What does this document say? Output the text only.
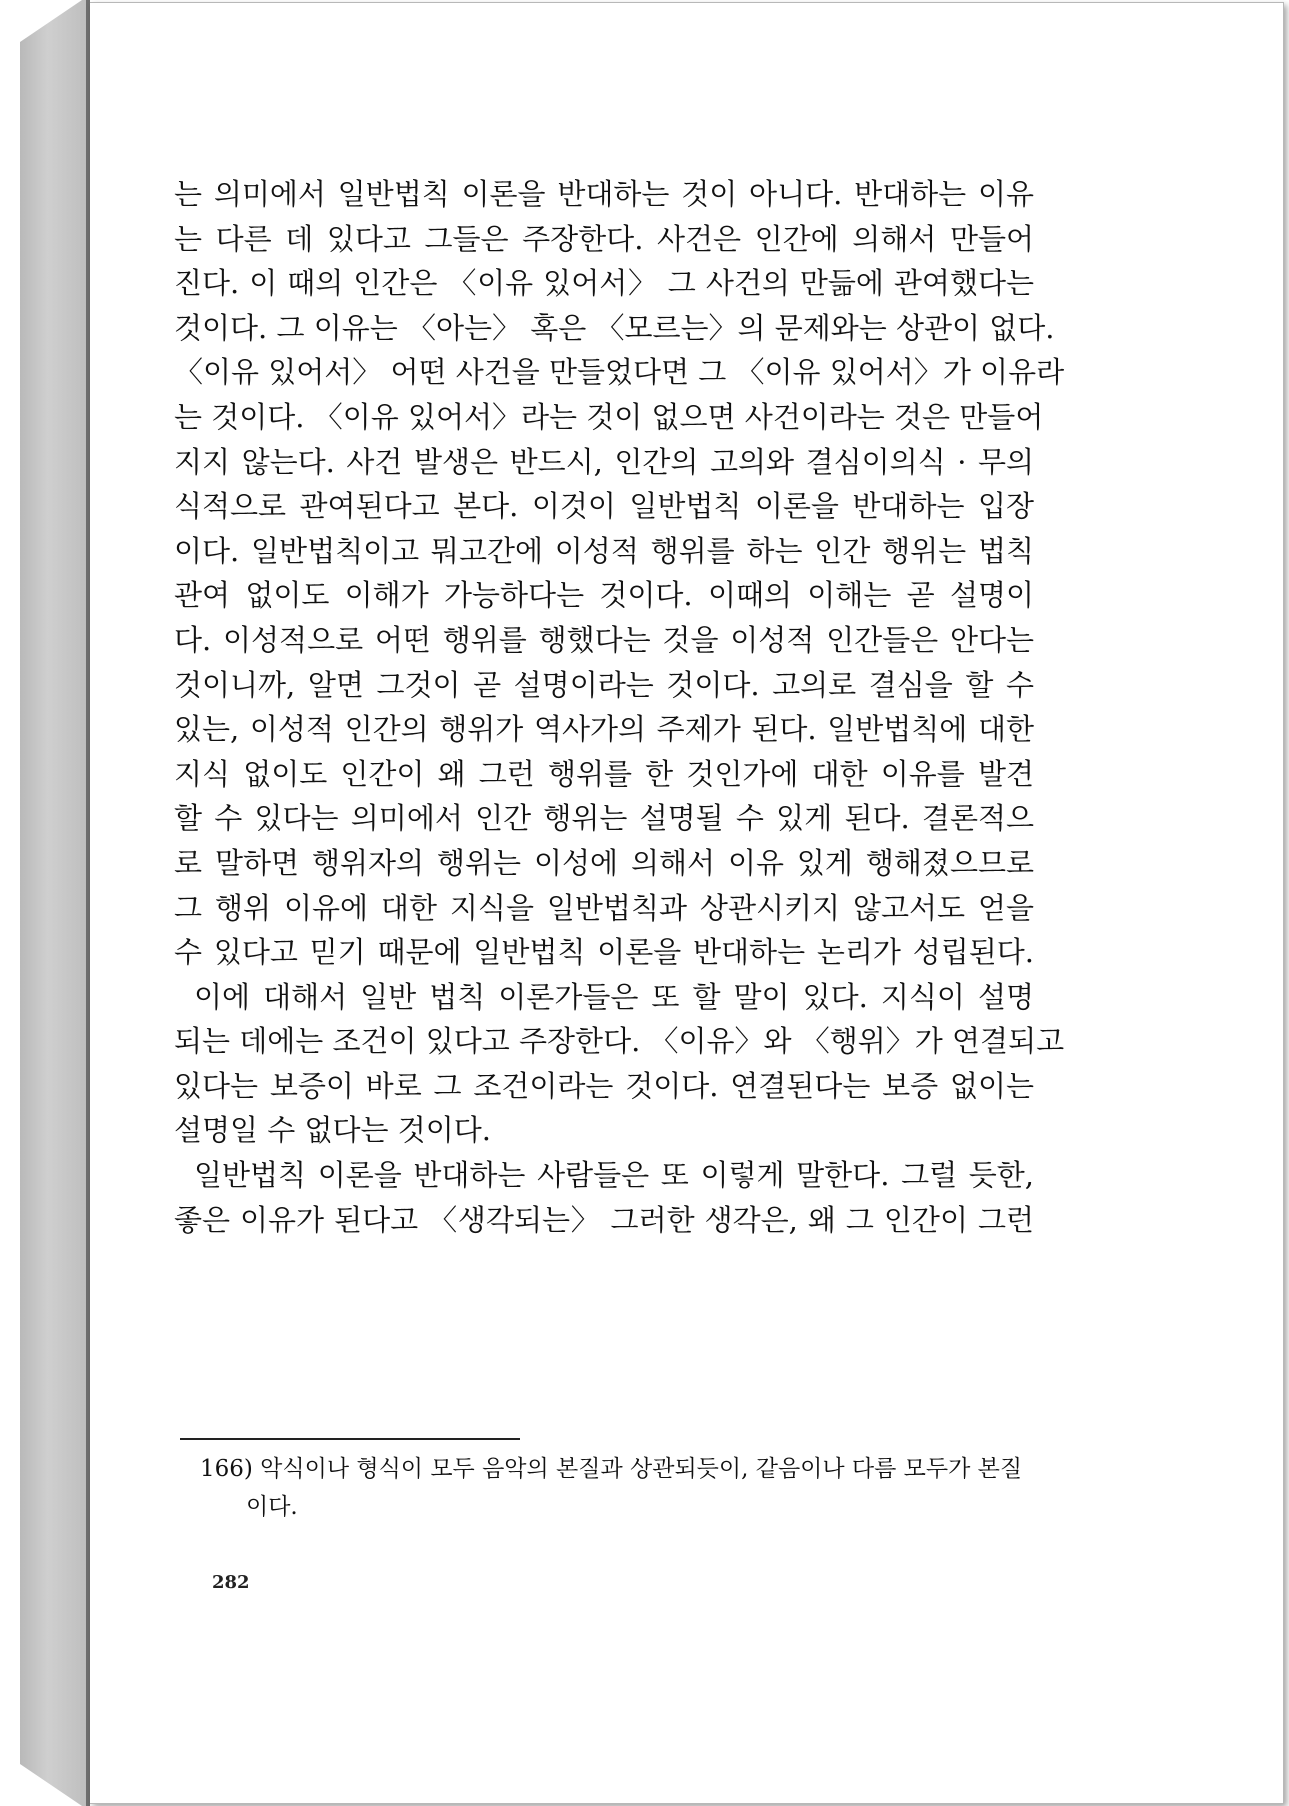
는 의미에서 일반법칙 이론을 반대하는 것이 아니다. 반대하는 이유
는 다른 데 있다고 그들은 주장한다. 사건은 인간에 의해서 만들어
진다. 이 때의 인간은 〈이유 있어서〉 그 사건의 만듦에 관여했다는
것이다. 그 이유는 〈아는〉 혹은 〈모르는〉의 문제와는 상관이 없다.
〈이유 있어서〉 어떤 사건을 만들었다면 그 〈이유 있어서〉가 이유라
는 것이다. 〈이유 있어서〉라는 것이 없으면 사건이라는 것은 만들어
지지 않는다. 사건 발생은 반드시, 인간의 고의와 결심이의식 · 무의
식적으로 관여된다고 본다. 이것이 일반법칙 이론을 반대하는 입장
이다. 일반법칙이고 뭐고간에 이성적 행위를 하는 인간 행위는 법칙
관여 없이도 이해가 가능하다는 것이다. 이때의 이해는 곧 설명이
다. 이성적으로 어떤 행위를 행했다는 것을 이성적 인간들은 안다는
것이니까, 알면 그것이 곧 설명이라는 것이다. 고의로 결심을 할 수
있는, 이성적 인간의 행위가 역사가의 주제가 된다. 일반법칙에 대한
지식 없이도 인간이 왜 그런 행위를 한 것인가에 대한 이유를 발견
할 수 있다는 의미에서 인간 행위는 설명될 수 있게 된다. 결론적으
로 말하면 행위자의 행위는 이성에 의해서 이유 있게 행해졌으므로
그 행위 이유에 대한 지식을 일반법칙과 상관시키지 않고서도 얻을
수 있다고 믿기 때문에 일반법칙 이론을 반대하는 논리가 성립된다.
이에 대해서 일반 법칙 이론가들은 또 할 말이 있다. 지식이 설명
되는 데에는 조건이 있다고 주장한다. 〈이유〉와 〈행위〉가 연결되고
있다는 보증이 바로 그 조건이라는 것이다. 연결된다는 보증 없이는
설명일 수 없다는 것이다.
일반법칙 이론을 반대하는 사람들은 또 이렇게 말한다. 그럴 듯한,
좋은 이유가 된다고 〈생각되는〉 그러한 생각은, 왜 그 인간이 그런
166) 악식이나 형식이 모두 음악의 본질과 상관되듯이, 같음이나 다름 모두가 본질
이다.
282
